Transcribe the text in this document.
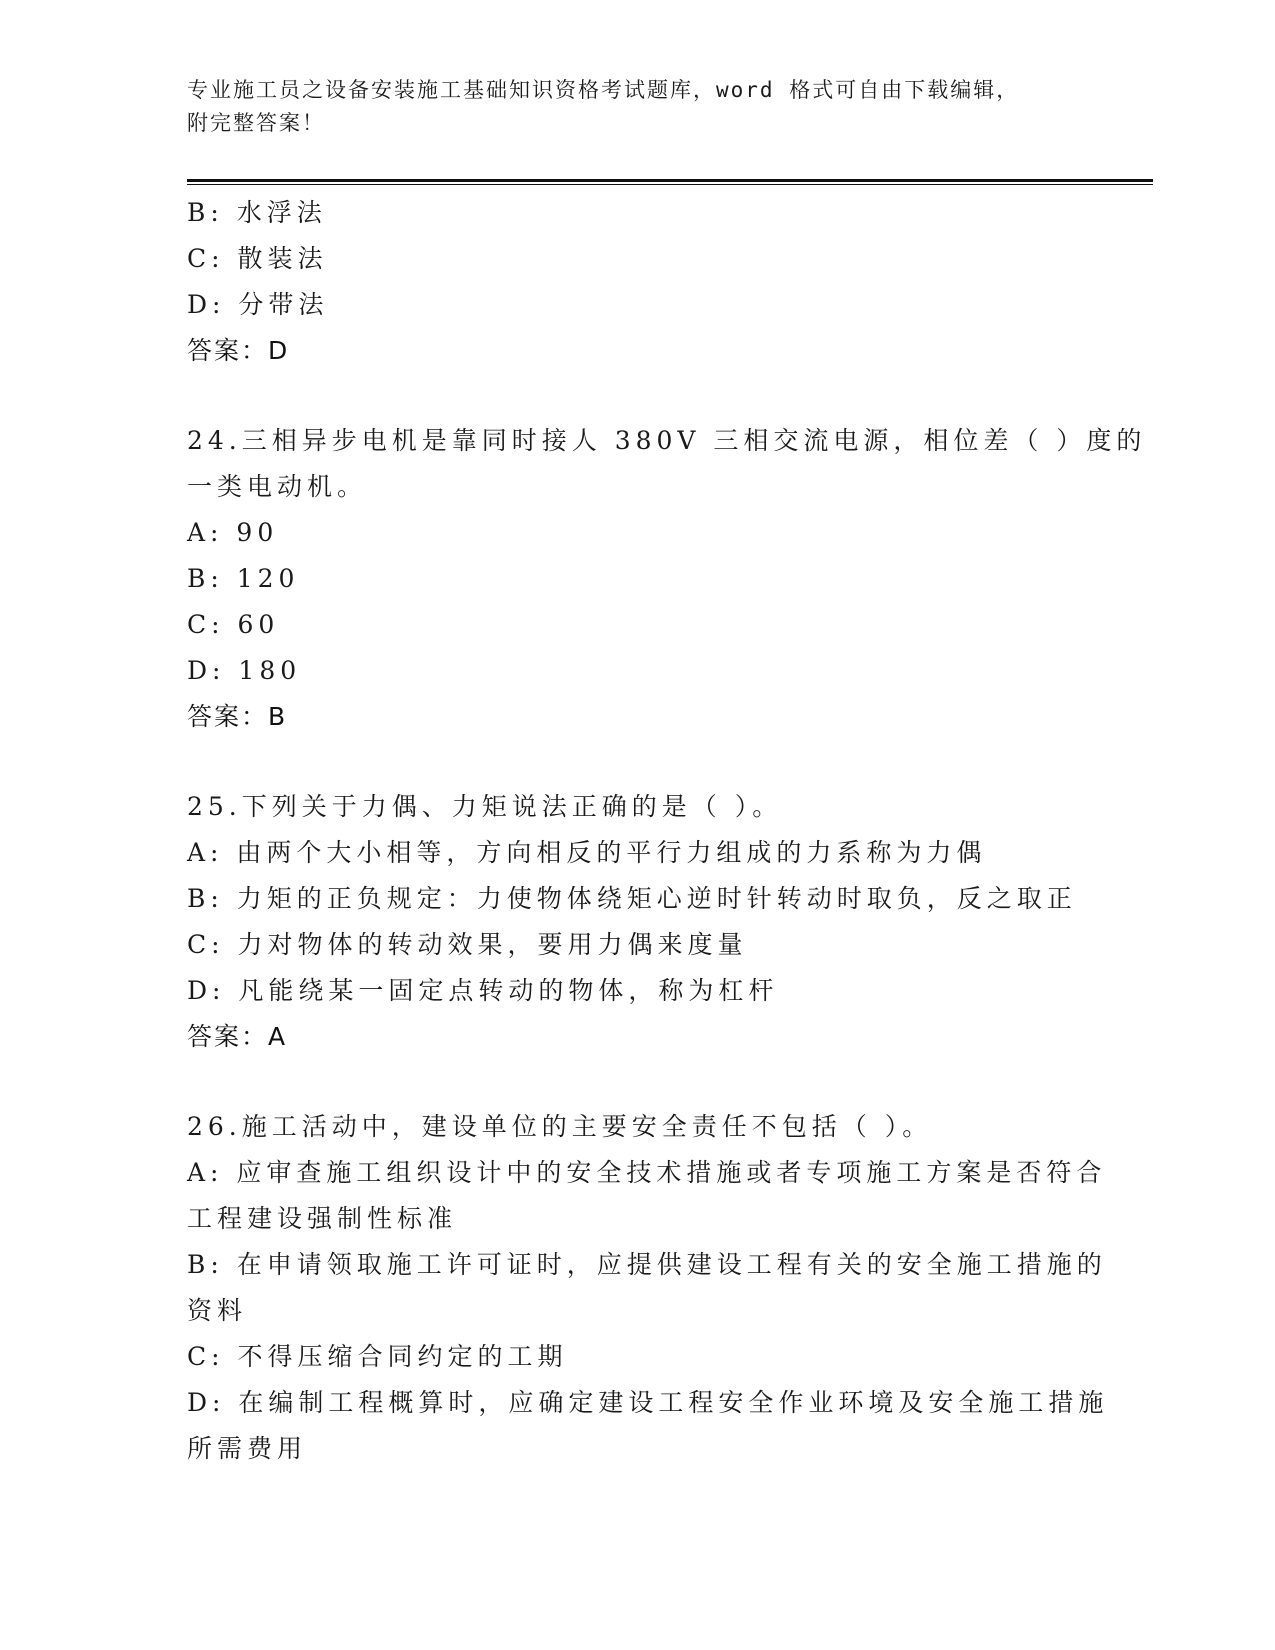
专业施工员之设备安装施工基础知识资格考试题库，word 格式可自由下载编辑，
附完整答案！
B: 水浮法
C: 散装法
D: 分带法
答案：D
24.三相异步电机是靠同时接人 380V 三相交流电源，相位差（ ）度的
一类电动机。
A: 90
B: 120
C: 60
D: 180
答案：B
25.下列关于力偶、力矩说法正确的是（ ）。
A: 由两个大小相等，方向相反的平行力组成的力系称为力偶
B: 力矩的正负规定：力使物体绕矩心逆时针转动时取负，反之取正
C: 力对物体的转动效果，要用力偶来度量
D: 凡能绕某一固定点转动的物体，称为杠杆
答案：A
26.施工活动中，建设单位的主要安全责任不包括（ ）。
A: 应审查施工组织设计中的安全技术措施或者专项施工方案是否符合
工程建设强制性标准
B: 在申请领取施工许可证时，应提供建设工程有关的安全施工措施的
资料
C: 不得压缩合同约定的工期
D: 在编制工程概算时，应确定建设工程安全作业环境及安全施工措施
所需费用
